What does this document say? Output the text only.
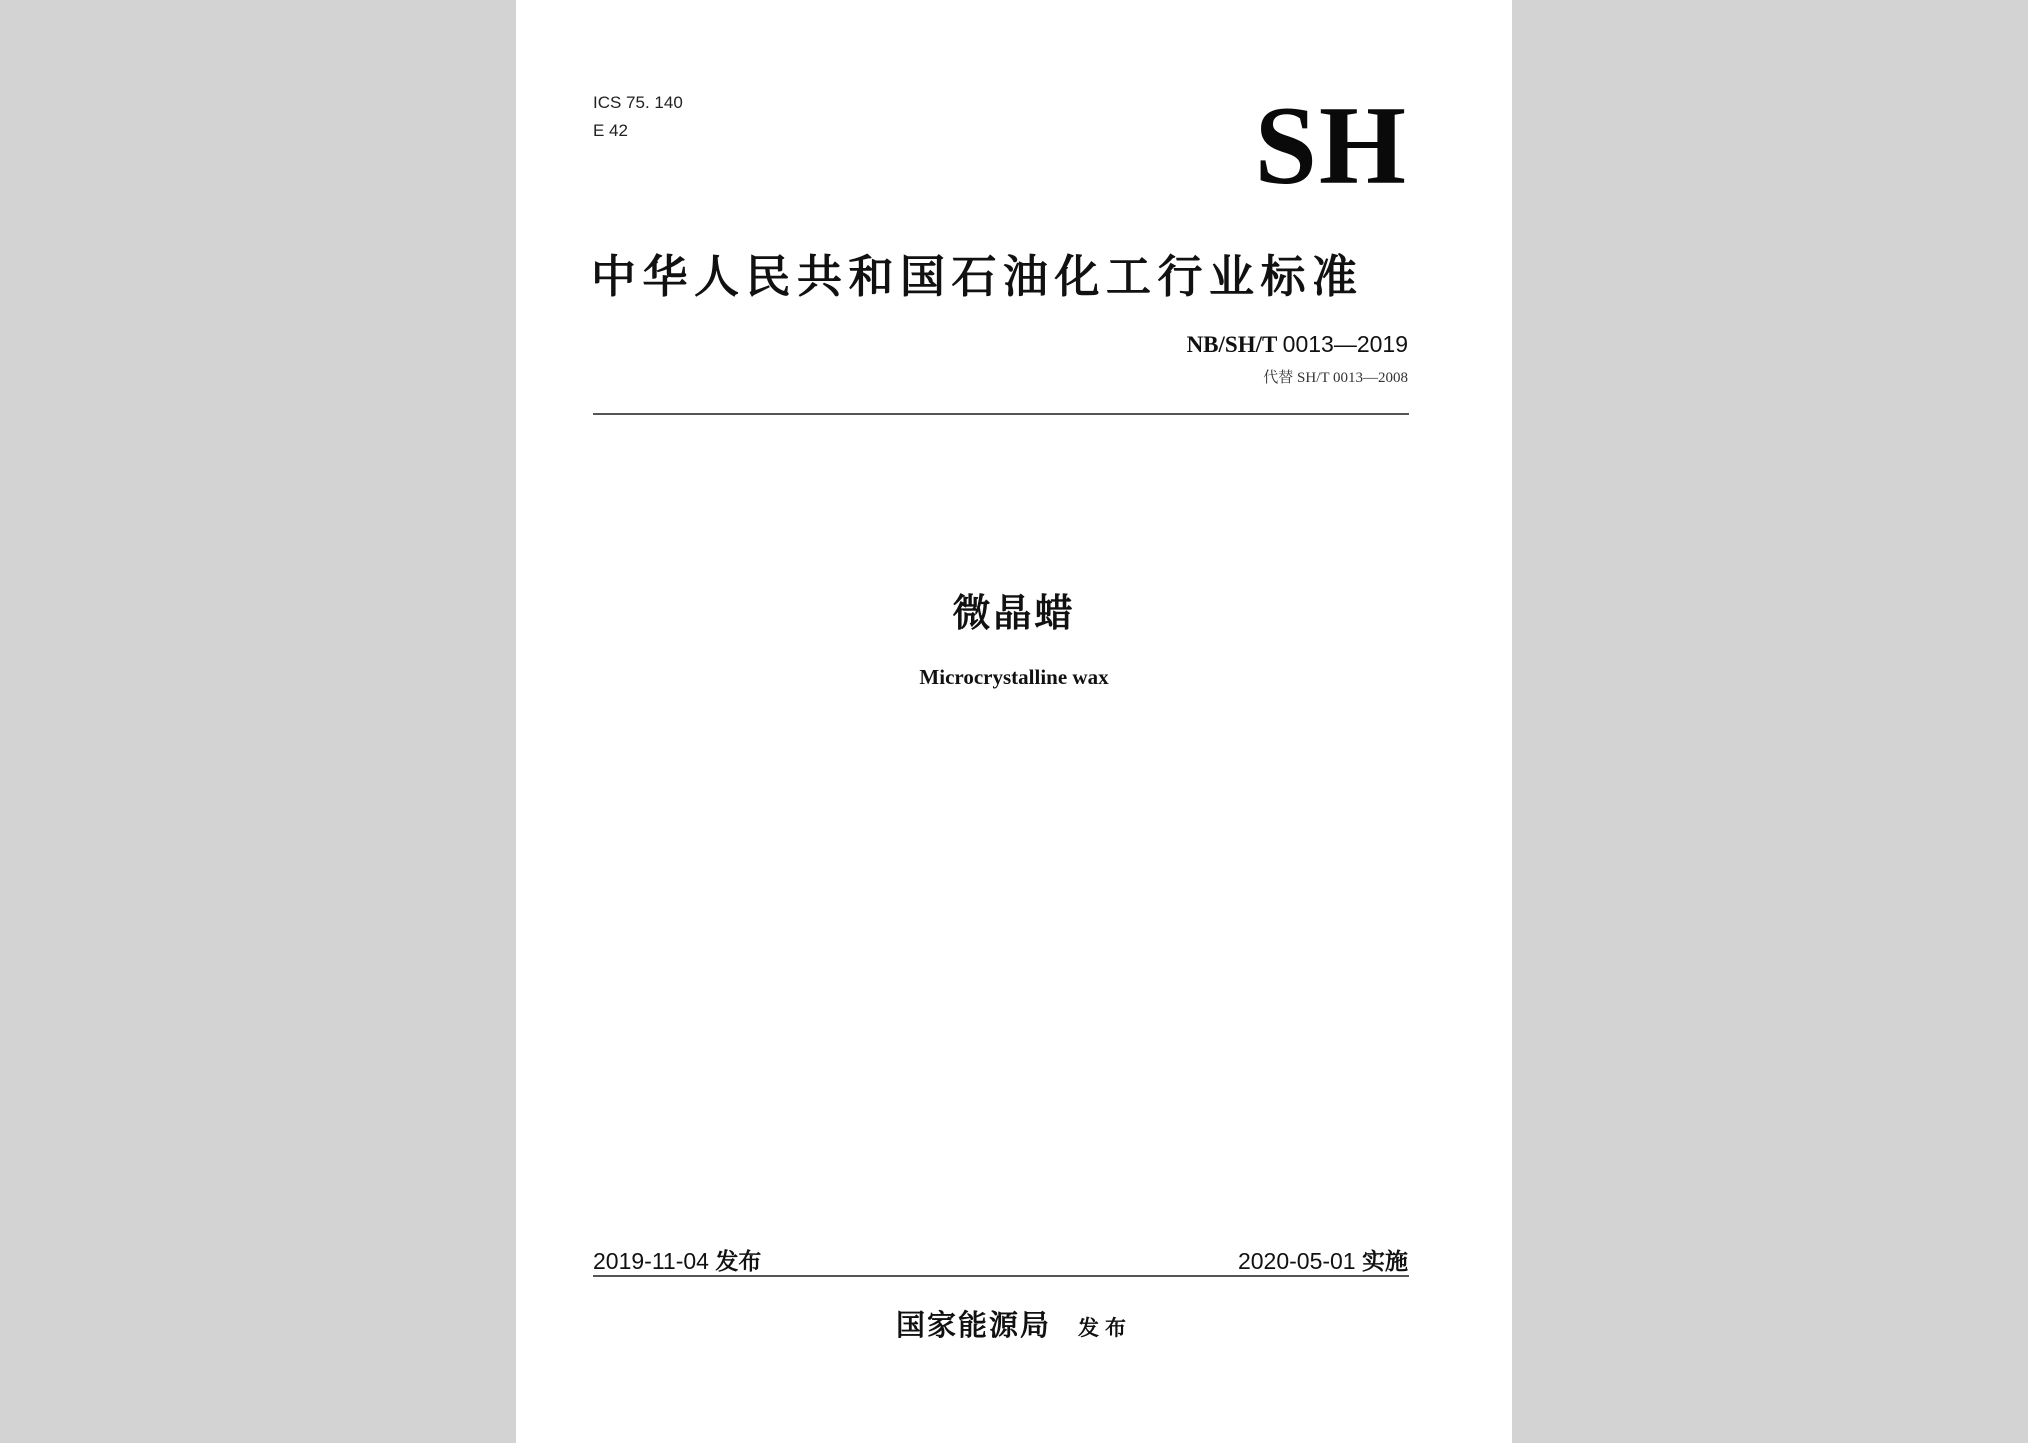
ICS 75. 140
E 42	SH
中华人民共和国石油化工行业标准
NB/SH/T 0013—2019
代替 SH/T 0013—2008
微晶蜡
Microcrystalline wax
2019-11-04 发布	2020-05-01 实施
国家能源局 发布
